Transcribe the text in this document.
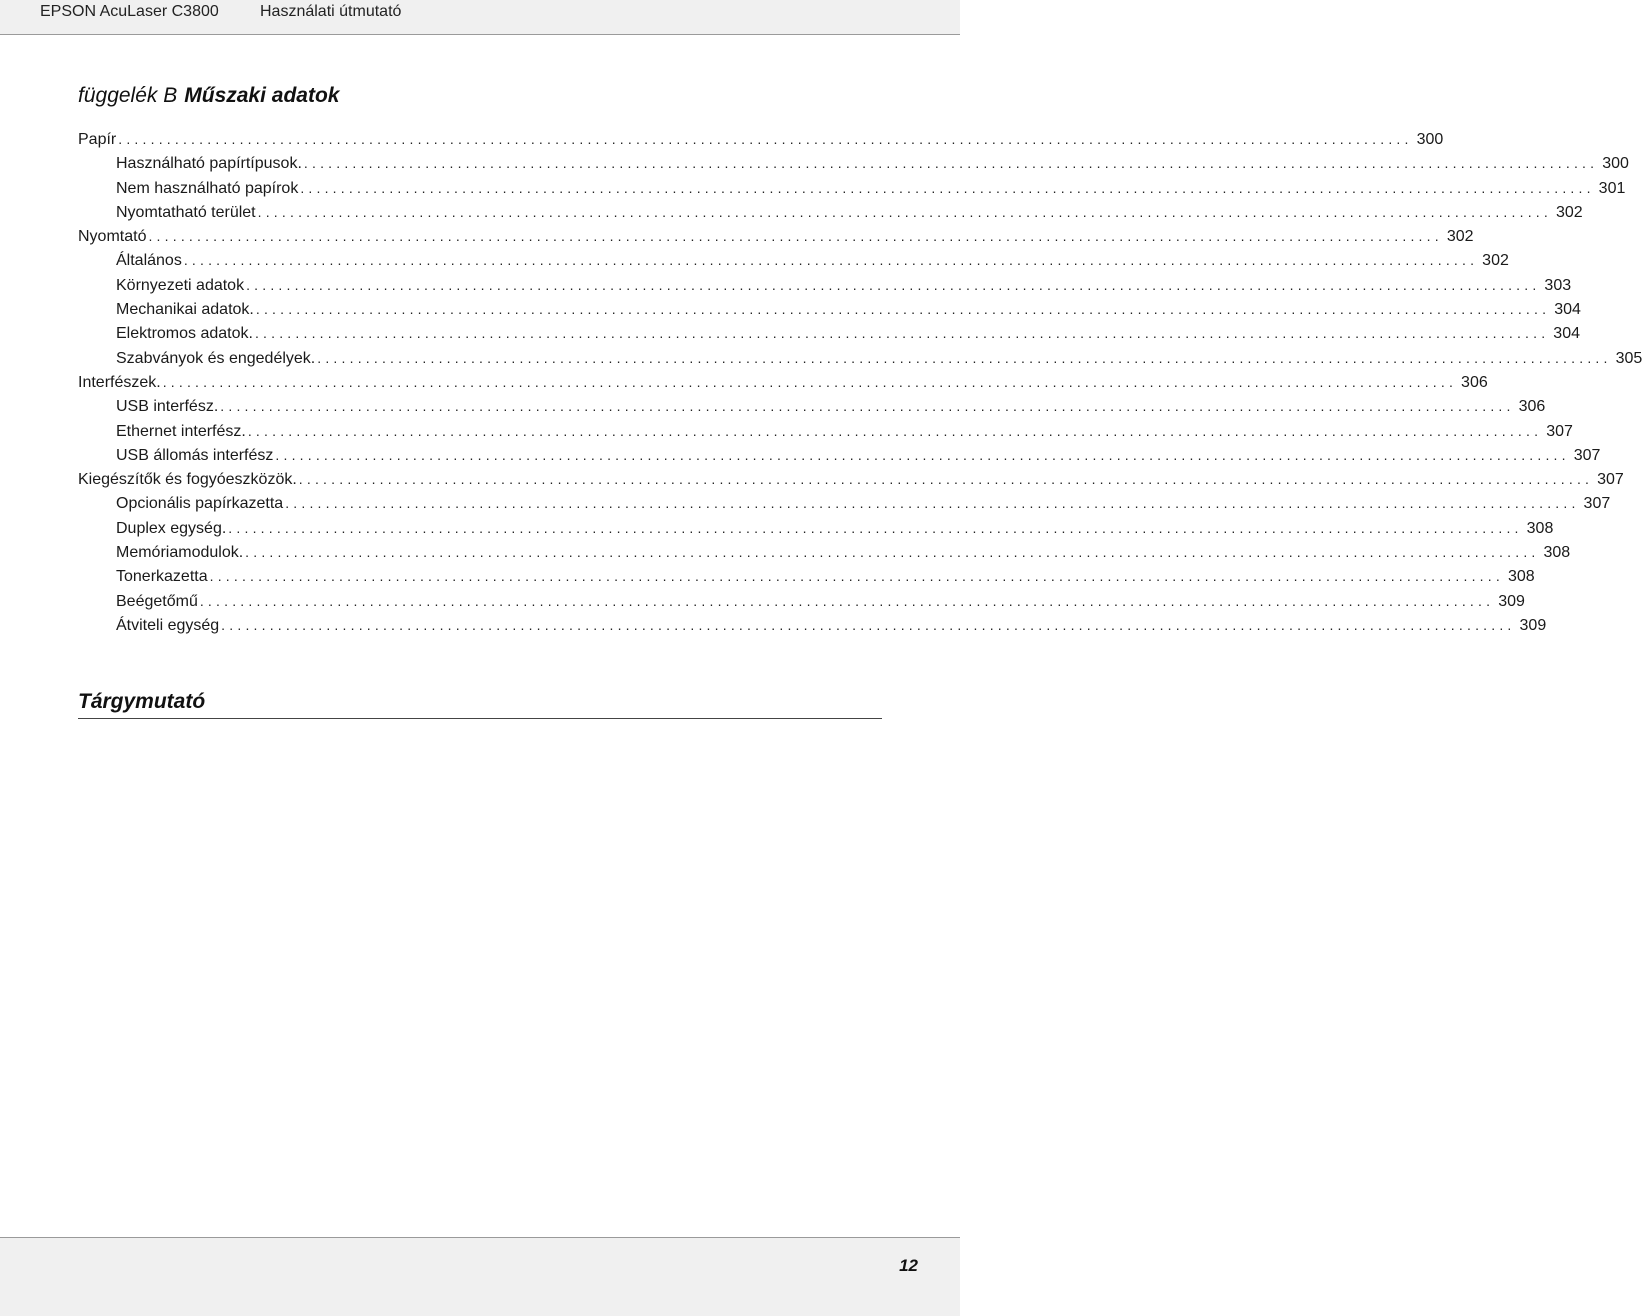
EPSON AcuLaser C3800	Használati útmutató
függelék B Műszaki adatok
Papír ................................................................................................................................................................ 300
Használható papírtípusok. ................................................................................................................................................................ 300
Nem használható papírok ................................................................................................................................................................ 301
Nyomtatható terület ................................................................................................................................................................ 302
Nyomtató ................................................................................................................................................................ 302
Általános ................................................................................................................................................................ 302
Környezeti adatok ................................................................................................................................................................ 303
Mechanikai adatok. ................................................................................................................................................................ 304
Elektromos adatok. ................................................................................................................................................................ 304
Szabványok és engedélyek. ................................................................................................................................................................ 305
Interfészek. ................................................................................................................................................................ 306
USB interfész. ................................................................................................................................................................ 306
Ethernet interfész. ................................................................................................................................................................ 307
USB állomás interfész ................................................................................................................................................................ 307
Kiegészítők és fogyóeszközök. ................................................................................................................................................................ 307
Opcionális papírkazetta ................................................................................................................................................................ 307
Duplex egység. ................................................................................................................................................................ 308
Memóriamodulok. ................................................................................................................................................................ 308
Tonerkazetta ................................................................................................................................................................ 308
Beégetőmű ................................................................................................................................................................ 309
Átviteli egység ................................................................................................................................................................ 309
Tárgymutató
12
